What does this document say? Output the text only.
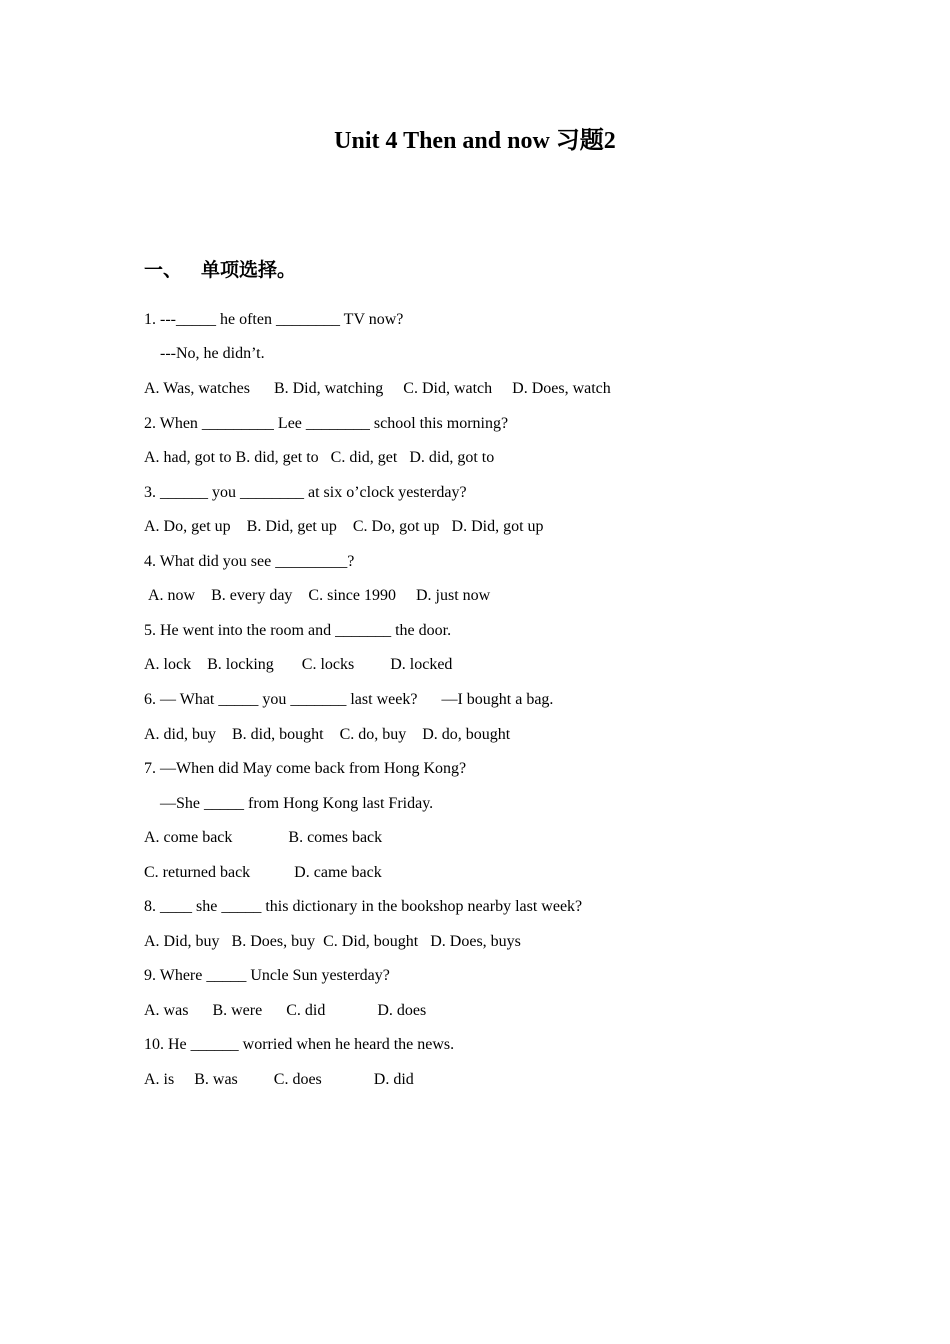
Unit 4 Then and now 习题2
一、 单项选择。
1. ---_____ he often ________ TV now?
---No, he didn’t.
A. Was, watches      B. Did, watching     C. Did, watch     D. Does, watch
2. When _________ Lee ________ school this morning?
A. had, got to B. did, get to   C. did, get   D. did, got to
3. ______ you ________ at six o’clock yesterday?
A. Do, get up    B. Did, get up    C. Do, got up   D. Did, got up
4. What did you see _________?
A. now    B. every day    C. since 1990     D. just now
5. He went into the room and _______ the door.
A. lock    B. locking       C. locks         D. locked
6. — What _____ you _______ last week?      —I bought a bag.
A. did, buy    B. did, bought    C. do, buy    D. do, bought
7. —When did May come back from Hong Kong?
—She _____ from Hong Kong last Friday.
A. come back              B. comes back
C. returned back           D. came back
8. ____ she _____ this dictionary in the bookshop nearby last week?
A. Did, buy   B. Does, buy  C. Did, bought   D. Does, buys
9. Where _____ Uncle Sun yesterday?
A. was      B. were      C. did             D. does
10. He ______ worried when he heard the news.
A. is     B. was         C. does             D. did
